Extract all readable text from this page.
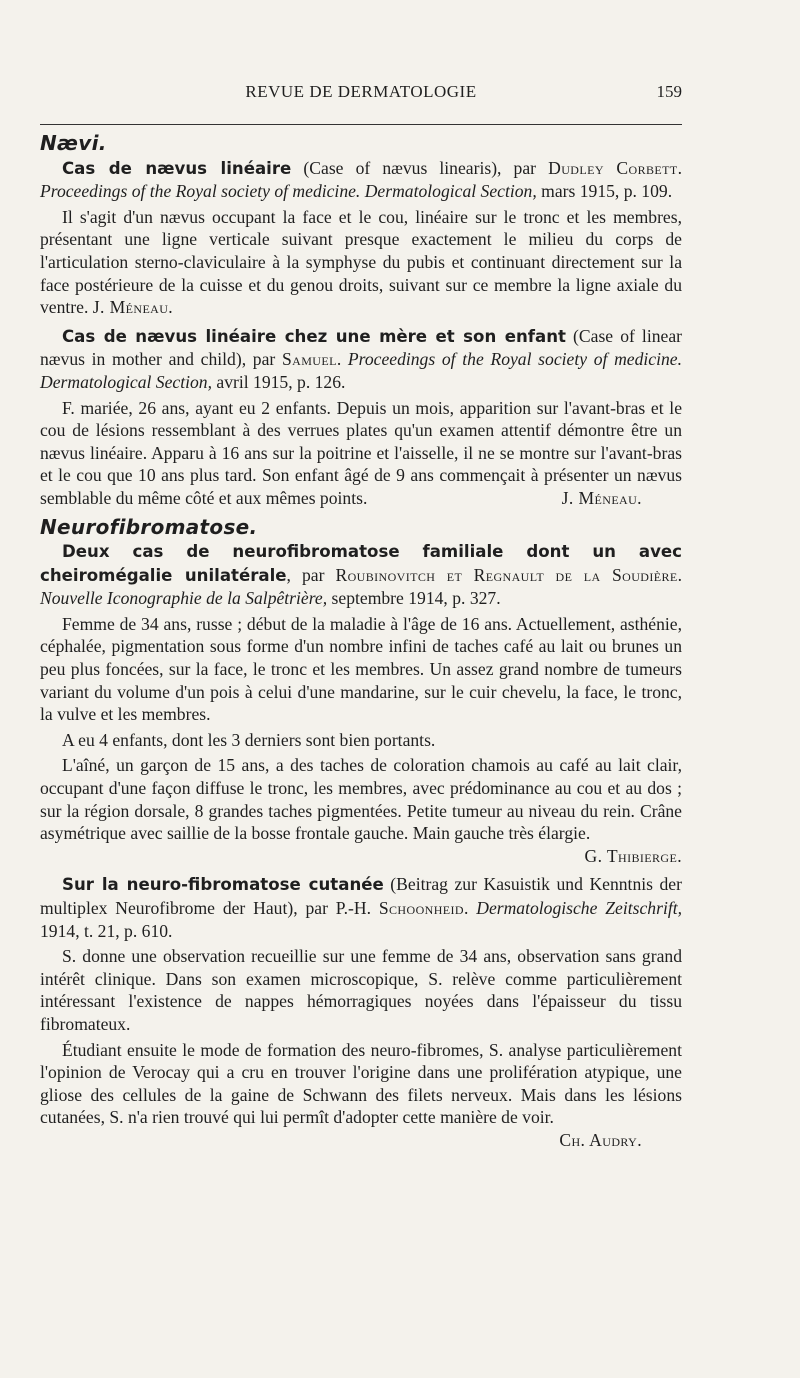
REVUE DE DERMATOLOGIE	159
Nævi.

Cas de nævus linéaire (Case of nævus linearis), par Dudley Corbett. Proceedings of the Royal society of medicine. Dermatological Section, mars 1915, p. 109.

Il s'agit d'un nævus occupant la face et le cou, linéaire sur le tronc et les membres, présentant une ligne verticale suivant presque exactement le milieu du corps de l'articulation sterno-claviculaire à la symphyse du pubis et continuant directement sur la face postérieure de la cuisse et du genou droits, suivant sur ce membre la ligne axiale du ventre. J. Méneau.

Cas de nævus linéaire chez une mère et son enfant (Case of linear nævus in mother and child), par Samuel. Proceedings of the Royal society of medicine. Dermatological Section, avril 1915, p. 126.

F. mariée, 26 ans, ayant eu 2 enfants. Depuis un mois, apparition sur l'avant-bras et le cou de lésions ressemblant à des verrues plates qu'un examen attentif démontre être un nævus linéaire. Apparu à 16 ans sur la poitrine et l'aisselle, il ne se montre sur l'avant-bras et le cou que 10 ans plus tard. Son enfant âgé de 9 ans commençait à présenter un nævus semblable du même côté et aux mêmes points.	J. Méneau.

Neurofibromatose.

Deux cas de neurofibromatose familiale dont un avec cheiromégalie unilatérale, par Roubinovitch et Regnault de la Soudière. Nouvelle Iconographie de la Salpêtrière, septembre 1914, p. 327.

Femme de 34 ans, russe ; début de la maladie à l'âge de 16 ans. Actuellement, asthénie, céphalée, pigmentation sous forme d'un nombre infini de taches café au lait ou brunes un peu plus foncées, sur la face, le tronc et les membres. Un assez grand nombre de tumeurs variant du volume d'un pois à celui d'une mandarine, sur le cuir chevelu, la face, le tronc, la vulve et les membres.

A eu 4 enfants, dont les 3 derniers sont bien portants.

L'aîné, un garçon de 15 ans, a des taches de coloration chamois au café au lait clair, occupant d'une façon diffuse le tronc, les membres, avec prédominance au cou et au dos ; sur la région dorsale, 8 grandes taches pigmentées. Petite tumeur au niveau du rein. Crâne asymétrique avec saillie de la bosse frontale gauche. Main gauche très élargie.
G. Thibierge.

Sur la neuro-fibromatose cutanée (Beitrag zur Kasuistik und Kenntnis der multiplex Neurofibrome der Haut), par P.-H. Schoonheid. Dermatologische Zeitschrift, 1914, t. 21, p. 610.

S. donne une observation recueillie sur une femme de 34 ans, observation sans grand intérêt clinique. Dans son examen microscopique, S. relève comme particulièrement intéressant l'existence de nappes hémorragiques noyées dans l'épaisseur du tissu fibromateux.

Étudiant ensuite le mode de formation des neuro-fibromes, S. analyse particulièrement l'opinion de Verocay qui a cru en trouver l'origine dans une prolifération atypique, une gliose des cellules de la gaine de Schwann des filets nerveux. Mais dans les lésions cutanées, S. n'a rien trouvé qui lui permît d'adopter cette manière de voir.
Ch. Audry.
